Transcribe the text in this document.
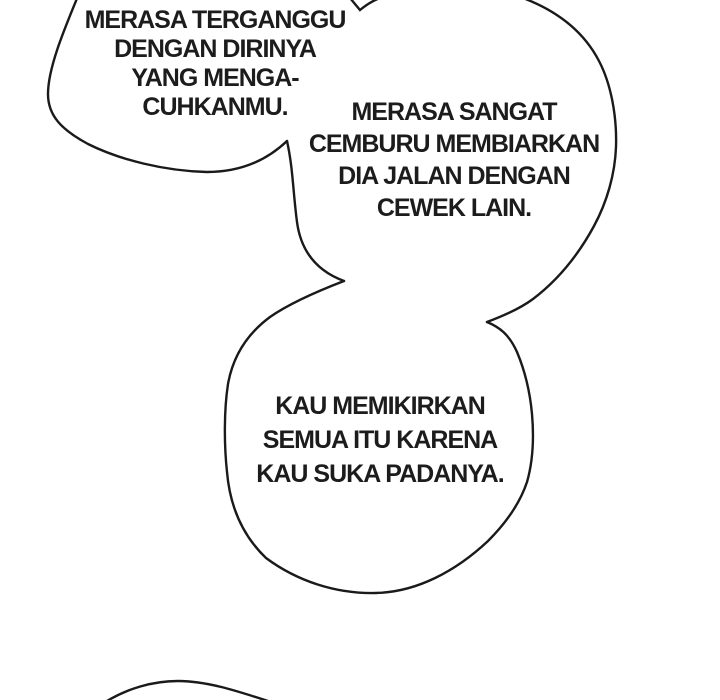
MERASA TERGANGGU
DENGAN DIRINYA
YANG MENGA-
CUHKANMU.	MERASA SANGAT
CEMBURU MEMBIARKAN
DIA JALAN DENGAN
CEWEK LAIN.
KAU MEMIKIRKAN
SEMUA ITU KARENA
KAU SUKA PADANYA.
